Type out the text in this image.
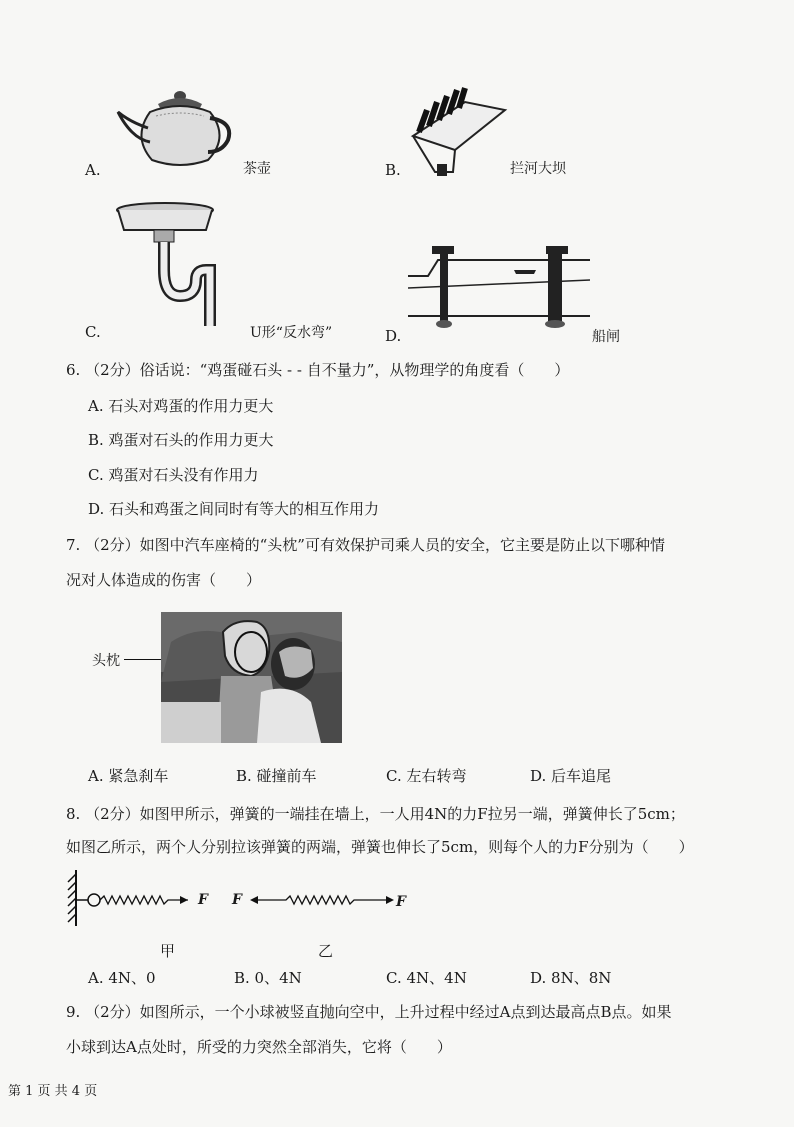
A.	茶壶	B.	拦河大坝
C.	U形“反水弯”	D.	船闸
6. （2分）俗话说：“鸡蛋碰石头 - - 自不量力”，从物理学的角度看（　　）
A. 石头对鸡蛋的作用力更大
B. 鸡蛋对石头的作用力更大
C. 鸡蛋对石头没有作用力
D. 石头和鸡蛋之间同时有等大的相互作用力
7. （2分）如图中汽车座椅的“头枕”可有效保护司乘人员的安全，它主要是防止以下哪种情
况对人体造成的伤害（　　）
头枕
A. 紧急刹车	B. 碰撞前车	C. 左右转弯	D. 后车追尾
8. （2分）如图甲所示，弹簧的一端挂在墙上，一人用4N的力F拉另一端，弹簧伸长了5cm；
如图乙所示，两个人分别拉该弹簧的两端，弹簧也伸长了5cm，则每个人的力F分别为（　　）
F F	F
甲	乙
A. 4N、0	B. 0、4N	C. 4N、4N	D. 8N、8N
9. （2分）如图所示，一个小球被竖直抛向空中，上升过程中经过A点到达最高点B点。如果
小球到达A点处时，所受的力突然全部消失，它将（　　）
第 1 页 共 4 页
